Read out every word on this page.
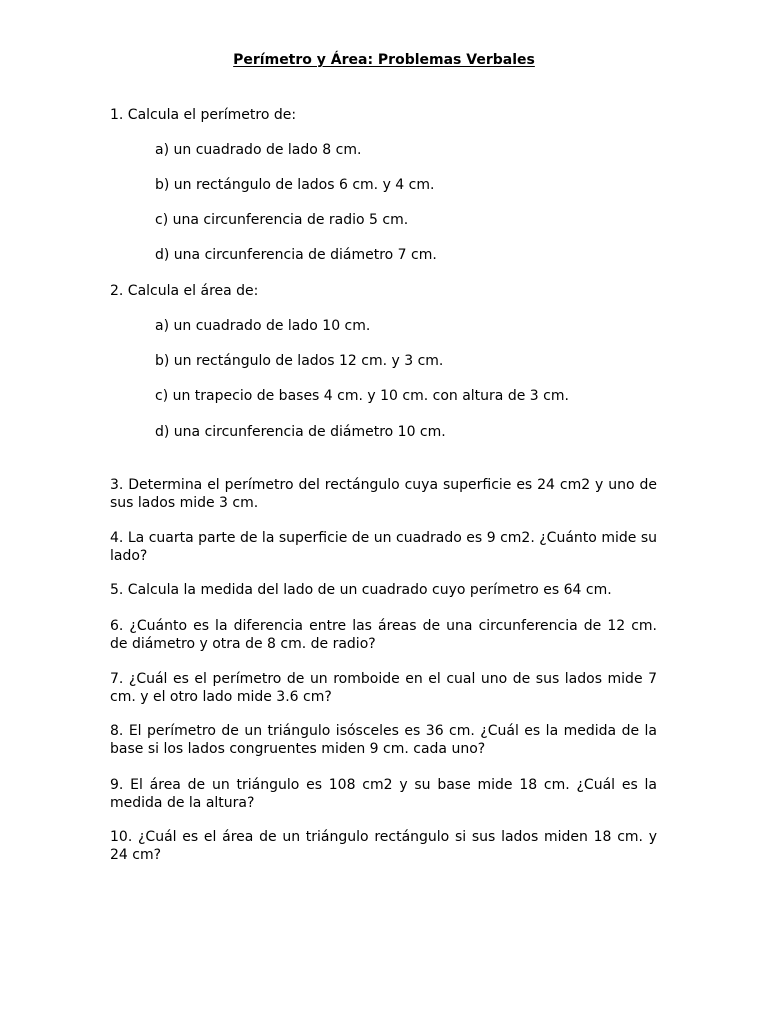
Perímetro y Área: Problemas Verbales
1. Calcula el perímetro de:
a) un cuadrado de lado 8 cm.
b) un rectángulo de lados 6 cm. y 4 cm.
c) una circunferencia de radio 5 cm.
d) una circunferencia de diámetro 7 cm.
2. Calcula el área de:
a) un cuadrado de lado 10 cm.
b) un rectángulo de lados 12 cm. y 3 cm.
c) un trapecio de bases 4 cm. y 10 cm. con altura de 3 cm.
d) una circunferencia de diámetro 10 cm.
3. Determina el perímetro del rectángulo cuya superficie es 24 cm2 y uno de sus lados mide 3 cm.
4. La cuarta parte de la superficie de un cuadrado es 9 cm2. ¿Cuánto mide su lado?
5. Calcula la medida del lado de un cuadrado cuyo perímetro es 64 cm.
6. ¿Cuánto es la diferencia entre las áreas de una circunferencia de 12 cm. de diámetro y otra de 8 cm. de radio?
7. ¿Cuál es el perímetro de un romboide en el cual uno de sus lados mide 7 cm. y el otro lado mide 3.6 cm?
8. El perímetro de un triángulo isósceles es 36 cm. ¿Cuál es la medida de la base si los lados congruentes miden 9 cm. cada uno?
9. El área de un triángulo es 108 cm2 y su base mide 18 cm. ¿Cuál es la medida de la altura?
10. ¿Cuál es el área de un triángulo rectángulo si sus lados miden 18 cm. y 24 cm?
